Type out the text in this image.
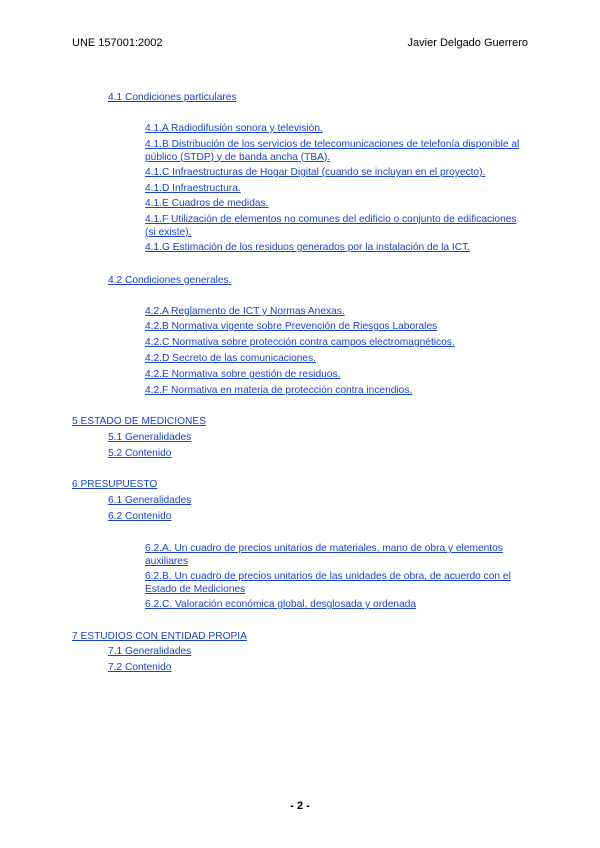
UNE 157001:2002	Javier Delgado Guerrero
4.1 Condiciones particulares
4.1.A Radiodifusión sonora y televisión.
4.1.B Distribución de los servicios de telecomunicaciones de telefonía disponible al público (STDP) y de banda ancha (TBA).
4.1.C Infraestructuras de Hogar Digital (cuando se incluyan en el proyecto).
4.1.D Infraestructura.
4.1.E Cuadros de medidas.
4.1.F Utilización de elementos no comunes del edificio o conjunto de edificaciones (si existe).
4.1.G Estimación de los residuos generados por la instalación de la ICT.
4.2 Condiciones generales.
4.2.A Reglamento de ICT y Normas Anexas.
4.2.B Normativa vigente sobre Prevención de Riesgos Laborales
4.2.C Normativa sobre protección contra campos electromagnéticos.
4.2.D Secreto de las comunicaciones.
4.2.E Normativa sobre gestión de residuos.
4.2.F Normativa en materia de protección contra incendios.
5 ESTADO DE MEDICIONES
5.1 Generalidades
5.2 Contenido
6 PRESUPUESTO
6.1 Generalidades
6.2 Contenido
6.2.A. Un cuadro de precios unitarios de materiales, mano de obra y elementos auxiliares
6.2.B. Un cuadro de precios unitarios de las unidades de obra, de acuerdo con el Estado de Mediciones
6.2.C. Valoración económica global, desglosada y ordenada
7 ESTUDIOS CON ENTIDAD PROPIA
7.1 Generalidades
7.2 Contenido
- 2 -
